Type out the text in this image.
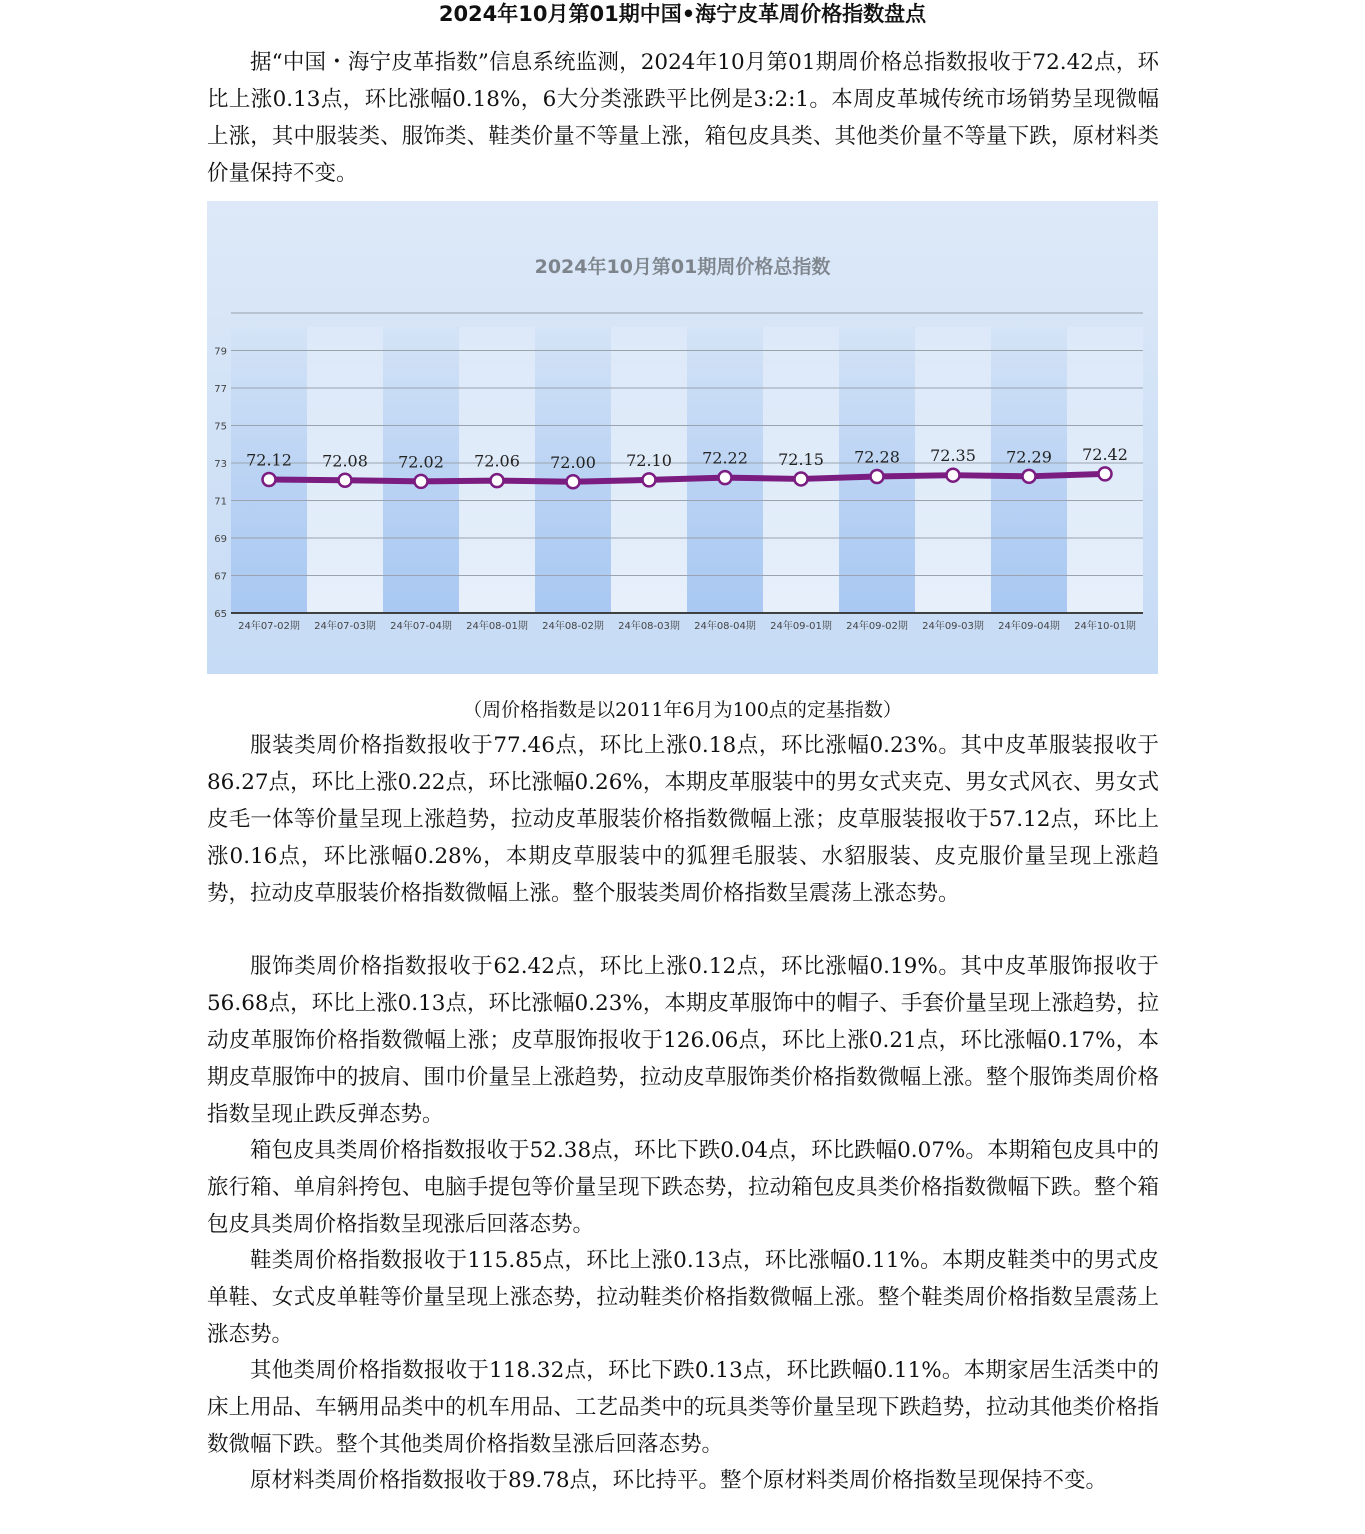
2024年10月第01期中国•海宁皮革周价格指数盘点

据“中国・海宁皮革指数”信息系统监测，2024年10月第01期周价格总指数报收于72.42点，环比上涨0.13点，环比涨幅0.18%，6大分类涨跌平比例是3:2:1。本周皮革城传统市场销势呈现微幅上涨，其中服装类、服饰类、鞋类价量不等量上涨，箱包皮具类、其他类价量不等量下跌，原材料类价量保持不变。

2024年10月第01期周价格总指数
65
67
69
71
73
75
77
79
24年07-02期 24年07-03期 24年07-04期 24年08-01期 24年08-02期 24年08-03期 24年08-04期 24年09-01期 24年09-02期 24年09-03期 24年09-04期 24年10-01期
72.12 72.08 72.02 72.06 72.00 72.10 72.22 72.15 72.28 72.35 72.29 72.42
（周价格指数是以2011年6月为100点的定基指数）

服装类周价格指数报收于77.46点，环比上涨0.18点，环比涨幅0.23%。其中皮革服装报收于86.27点，环比上涨0.22点，环比涨幅0.26%，本期皮革服装中的男女式夹克、男女式风衣、男女式皮毛一体等价量呈现上涨趋势，拉动皮革服装价格指数微幅上涨；皮草服装报收于57.12点，环比上涨0.16点，环比涨幅0.28%，本期皮草服装中的狐狸毛服装、水貂服装、皮克服价量呈现上涨趋势，拉动皮草服装价格指数微幅上涨。整个服装类周价格指数呈震荡上涨态势。

服饰类周价格指数报收于62.42点，环比上涨0.12点，环比涨幅0.19%。其中皮革服饰报收于56.68点，环比上涨0.13点，环比涨幅0.23%，本期皮革服饰中的帽子、手套价量呈现上涨趋势，拉动皮革服饰价格指数微幅上涨；皮草服饰报收于126.06点，环比上涨0.21点，环比涨幅0.17%，本期皮草服饰中的披肩、围巾价量呈上涨趋势，拉动皮草服饰类价格指数微幅上涨。整个服饰类周价格指数呈现止跌反弹态势。

箱包皮具类周价格指数报收于52.38点，环比下跌0.04点，环比跌幅0.07%。本期箱包皮具中的旅行箱、单肩斜挎包、电脑手提包等价量呈现下跌态势，拉动箱包皮具类价格指数微幅下跌。整个箱包皮具类周价格指数呈现涨后回落态势。

鞋类周价格指数报收于115.85点，环比上涨0.13点，环比涨幅0.11%。本期皮鞋类中的男式皮单鞋、女式皮单鞋等价量呈现上涨态势，拉动鞋类价格指数微幅上涨。整个鞋类周价格指数呈震荡上涨态势。

其他类周价格指数报收于118.32点，环比下跌0.13点，环比跌幅0.11%。本期家居生活类中的床上用品、车辆用品类中的机车用品、工艺品类中的玩具类等价量呈现下跌趋势，拉动其他类价格指数微幅下跌。整个其他类周价格指数呈涨后回落态势。

原材料类周价格指数报收于89.78点，环比持平。整个原材料类周价格指数呈现保持不变。
